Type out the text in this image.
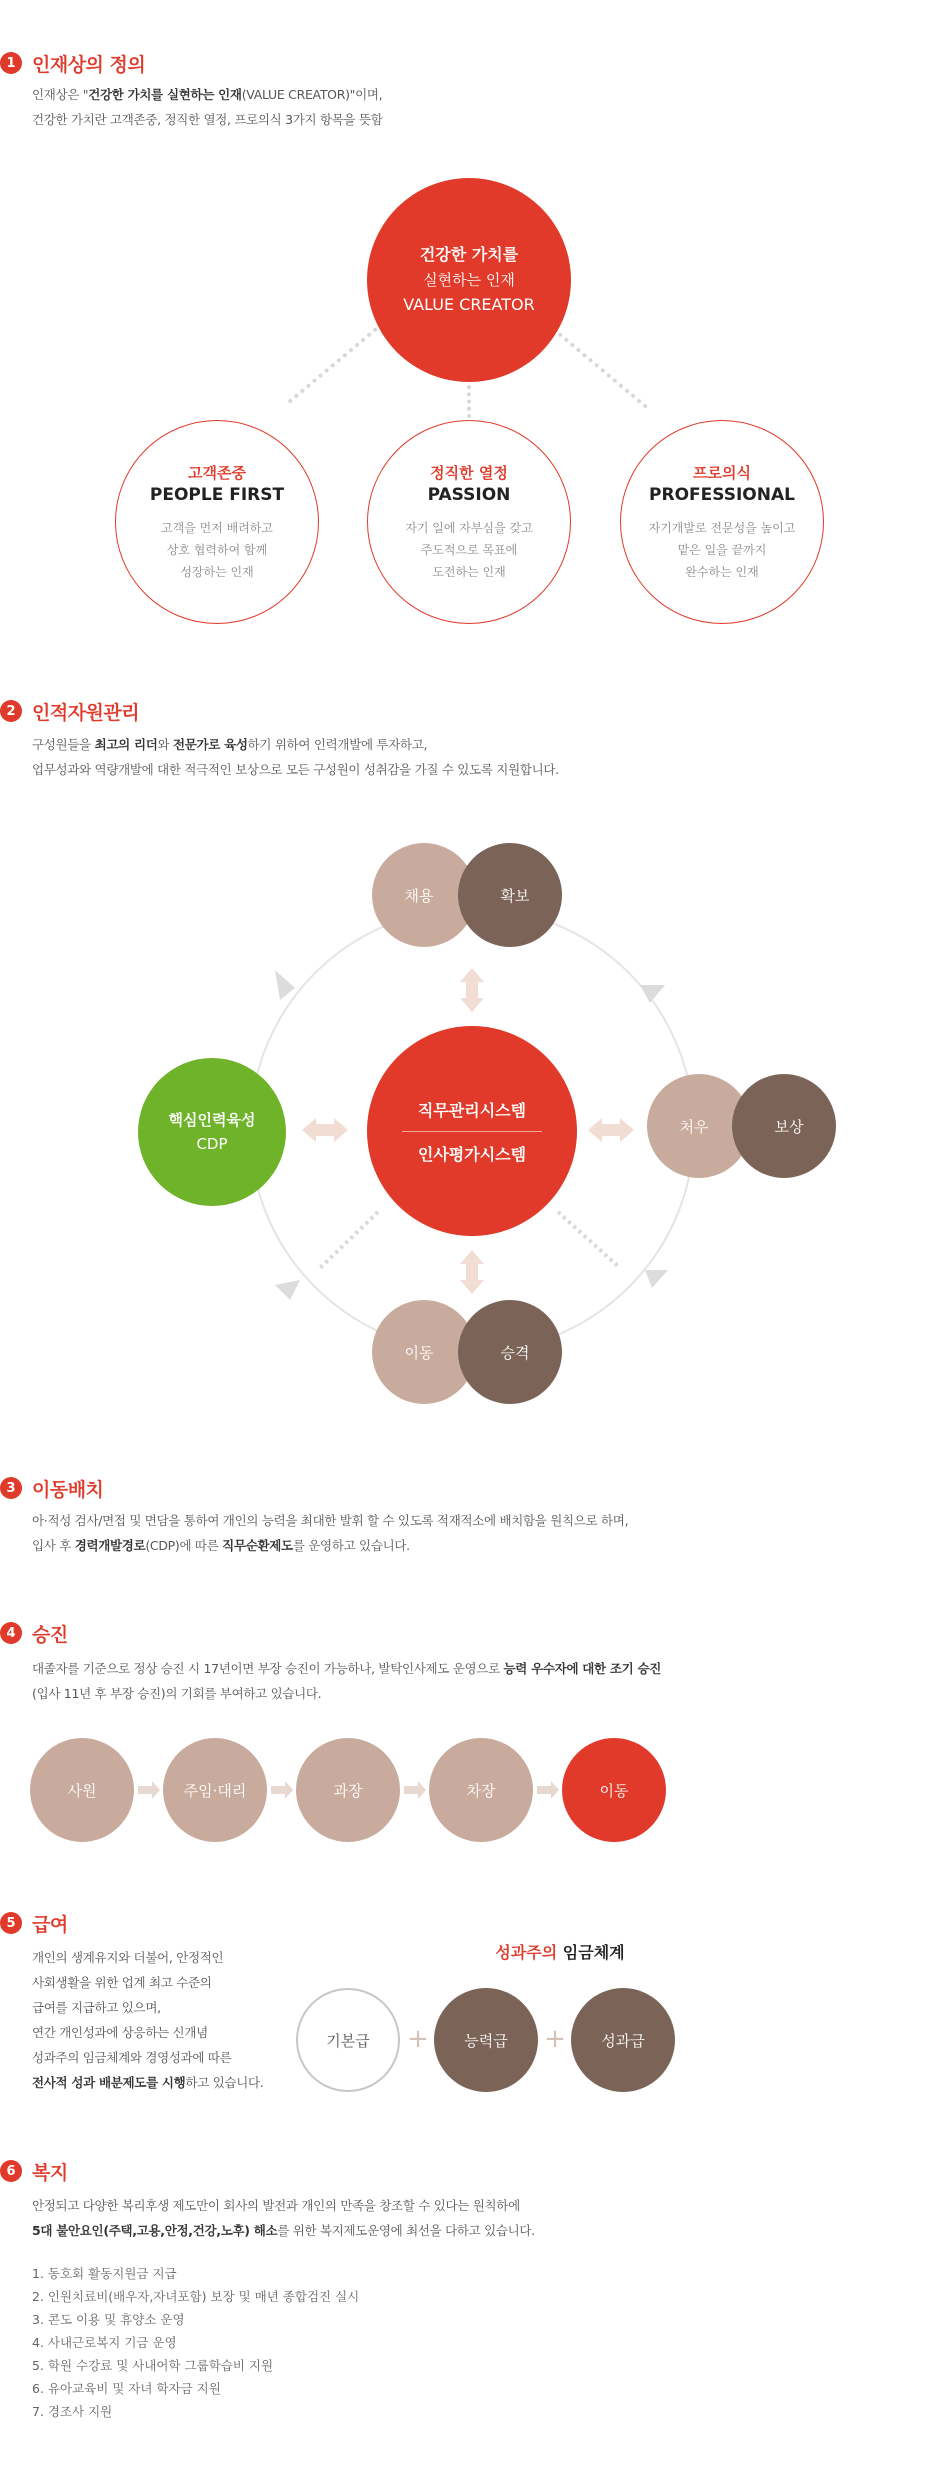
1 인재상의 정의
인재상은 "건강한 가치를 실현하는 인재(VALUE CREATOR)"이며,
건강한 가치란 고객존중, 정직한 열정, 프로의식 3가지 항목을 뜻함
건강한 가치를
실현하는 인재
VALUE CREATOR
고객존중
PEOPLE FIRST
고객을 먼저 배려하고
상호 협력하여 함께
성장하는 인재
정직한 열정
PASSION
자기 일에 자부심을 갖고
주도적으로 목표에
도전하는 인재
프로의식
PROFESSIONAL
자기개발로 전문성을 높이고
맡은 일을 끝까지
완수하는 인재
2 인적자원관리
구성원들을 최고의 리더와 전문가로 육성하기 위하여 인력개발에 투자하고,
업무성과와 역량개발에 대한 적극적인 보상으로 모든 구성원이 성취감을 가질 수 있도록 지원합니다.
채용	확보
처우	보상
이동	승격
핵심인력육성
CDP
직무관리시스템
인사평가시스템
3 이동배치
아·적성 검사/면접 및 면담을 통하여 개인의 능력을 최대한 발휘 할 수 있도록 적재적소에 배치함을 원칙으로 하며,
입사 후 경력개발경로(CDP)에 따른 직무순환제도를 운영하고 있습니다.
4 승진
대졸자를 기준으로 정상 승진 시 17년이면 부장 승진이 가능하나, 발탁인사제도 운영으로 능력 우수자에 대한 조기 승진
(입사 11년 후 부장 승진)의 기회를 부여하고 있습니다.
사원	주임·대리	과장	차장	이동
5 급여
개인의 생계유지와 더불어, 안정적인
사회생활을 위한 업계 최고 수준의
급여를 지급하고 있으며,
연간 개인성과에 상응하는 신개념
성과주의 임금체계와 경영성과에 따른
전사적 성과 배분제도를 시행하고 있습니다.
성과주의 임금체계
기본급 + 능력급 + 성과급
6 복지
안정되고 다양한 복리후생 제도만이 회사의 발전과 개인의 만족을 창조할 수 있다는 원칙하에
5대 불안요인(주택,고용,안정,건강,노후) 해소를 위한 복지제도운영에 최선을 다하고 있습니다.
1. 동호회 활동지원금 지급
2. 인원치료비(배우자,자녀포함) 보장 및 매년 종합검진 실시
3. 콘도 이용 및 휴양소 운영
4. 사내근로복지 기금 운영
5. 학원 수강료 및 사내어학 그룹학습비 지원
6. 유아교육비 및 자녀 학자금 지원
7. 경조사 지원
